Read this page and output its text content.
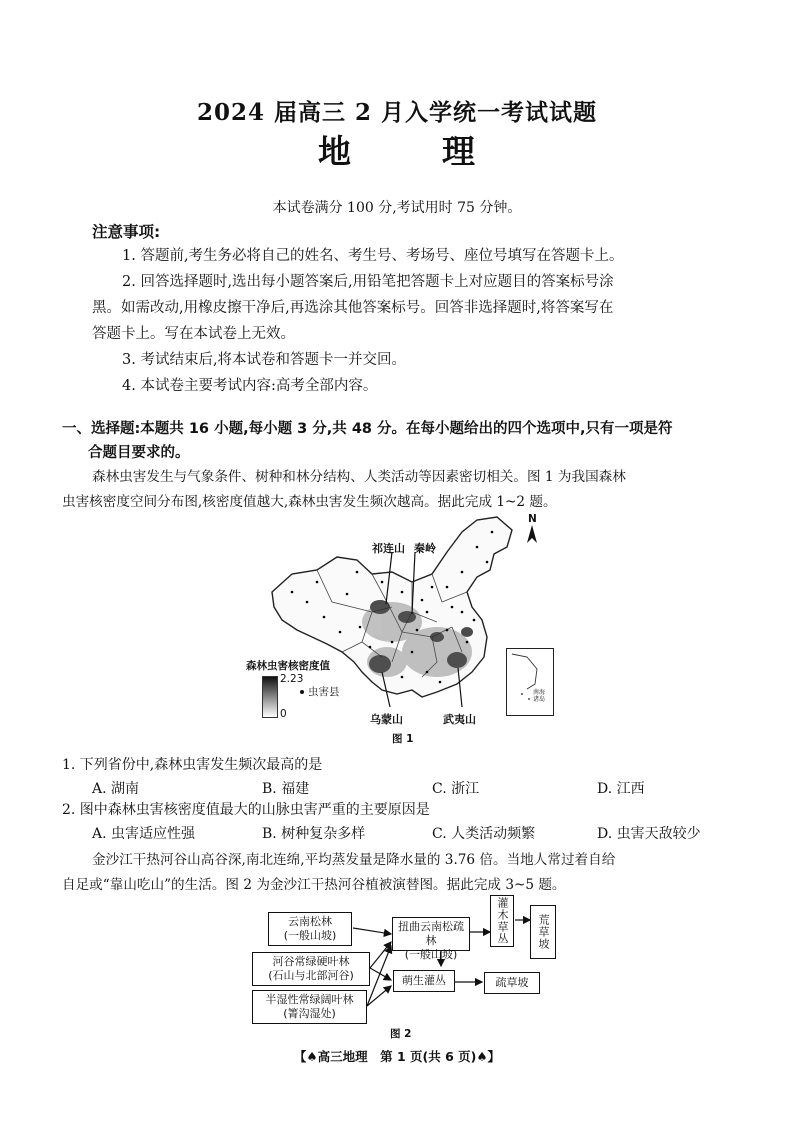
2024 届高三 2 月入学统一考试试题
地	理
本试卷满分 100 分,考试用时 75 分钟。
注意事项:
1. 答题前,考生务必将自己的姓名、考生号、考场号、座位号填写在答题卡上。
2. 回答选择题时,选出每小题答案后,用铅笔把答题卡上对应题目的答案标号涂
黑。如需改动,用橡皮擦干净后,再选涂其他答案标号。回答非选择题时,将答案写在
答题卡上。写在本试卷上无效。
3. 考试结束后,将本试卷和答题卡一并交回。
4. 本试卷主要考试内容:高考全部内容。
一、选择题:本题共 16 小题,每小题 3 分,共 48 分。在每小题给出的四个选项中,只有一项是符
合题目要求的。
森林虫害发生与气象条件、树种和林分结构、人类活动等因素密切相关。图 1 为我国森林
虫害核密度空间分布图,核密度值越大,森林虫害发生频次越高。据此完成 1~2 题。
祁连山 秦岭
乌蒙山	武夷山
N
森林虫害核密度值
2.23
0
虫害县	南海诸岛
图 1
1. 下列省份中,森林虫害发生频次最高的是
A. 湖南	B. 福建	C. 浙江	D. 江西
2. 图中森林虫害核密度值最大的山脉虫害严重的主要原因是
A. 虫害适应性强	B. 树种复杂多样	C. 人类活动频繁	D. 虫害天敌较少
金沙江干热河谷山高谷深,南北连绵,平均蒸发量是降水量的 3.76 倍。当地人常过着自给
自足或“靠山吃山”的生活。图 2 为金沙江干热河谷植被演替图。据此完成 3~5 题。
云南松林
(一般山坡)
河谷常绿硬叶林
(石山与北部河谷)
半湿性常绿阔叶林
(箐沟湿处)
扭曲云南松疏林
(一般山坡)
萌生灌丛
灌木草丛	荒草坡
疏草坡
图 2
【♠高三地理　第 1 页(共 6 页)♠】
